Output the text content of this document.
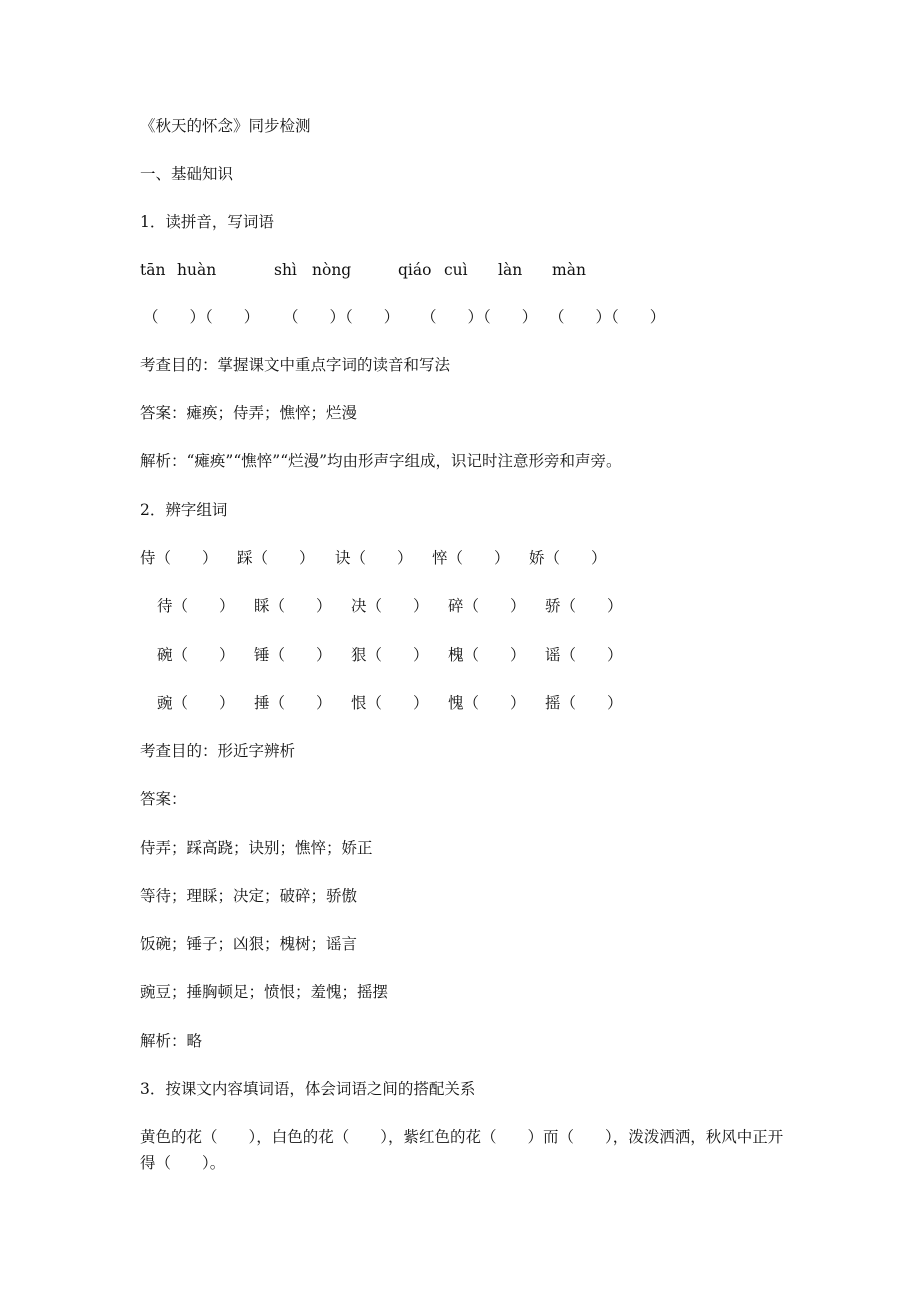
《秋天的怀念》同步检测
一、基础知识
1．读拼音，写词语
tān huàn	shì nòng	qiáo cuì làn màn
（　　）（　　） （　　）（　　） （　　）（　　） （　　）（　　）
考查目的：掌握课文中重点字词的读音和写法
答案：瘫痪；侍弄；憔悴；烂漫
解析：“瘫痪”“憔悴”“烂漫”均由形声字组成，识记时注意形旁和声旁。
2．辨字组词
侍（　　） 踩（　　） 诀（　　） 悴（　　） 娇（　　）
待（　　） 睬（　　） 决（　　） 碎（　　） 骄（　　）
碗（　　） 锤（　　） 狠（　　） 槐（　　） 谣（　　）
豌（　　） 捶（　　） 恨（　　） 愧（　　） 摇（　　）
考查目的：形近字辨析
答案：
侍弄；踩高跷；诀别；憔悴；娇正
等待；理睬；决定；破碎；骄傲
饭碗；锤子；凶狠；槐树；谣言
豌豆；捶胸顿足；愤恨；羞愧；摇摆
解析：略
3．按课文内容填词语，体会词语之间的搭配关系
黄色的花（　　），白色的花（　　），紫红色的花（　　）而（　　），泼泼洒洒，秋风中正开得（　　）。
